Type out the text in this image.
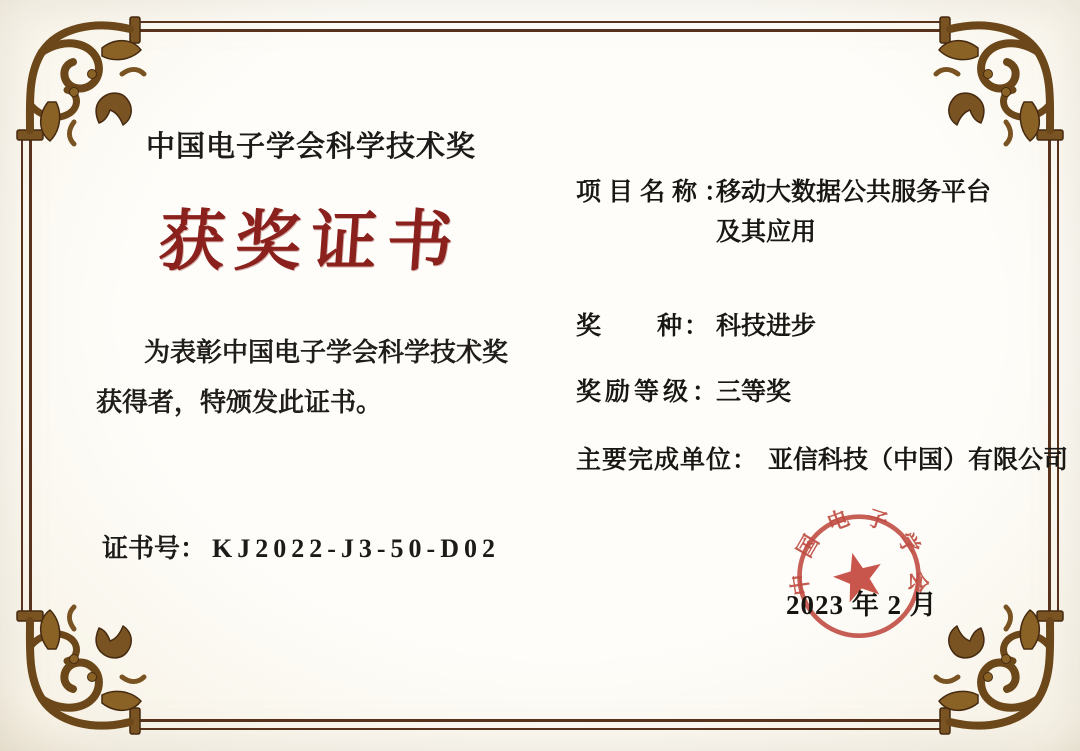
中国电子学会科学技术奖
获奖证书
为表彰中国电子学会科学技术奖获得者，特颁发此证书。
证书号： KJ2022-J3-50-D02
项目名称：
移动大数据公共服务平台
及其应用
奖　　种： 科技进步
奖励等级：
三等奖
主要完成单位： 亚信科技（中国）有限公司
中国电子学会
2023 年 2 月
